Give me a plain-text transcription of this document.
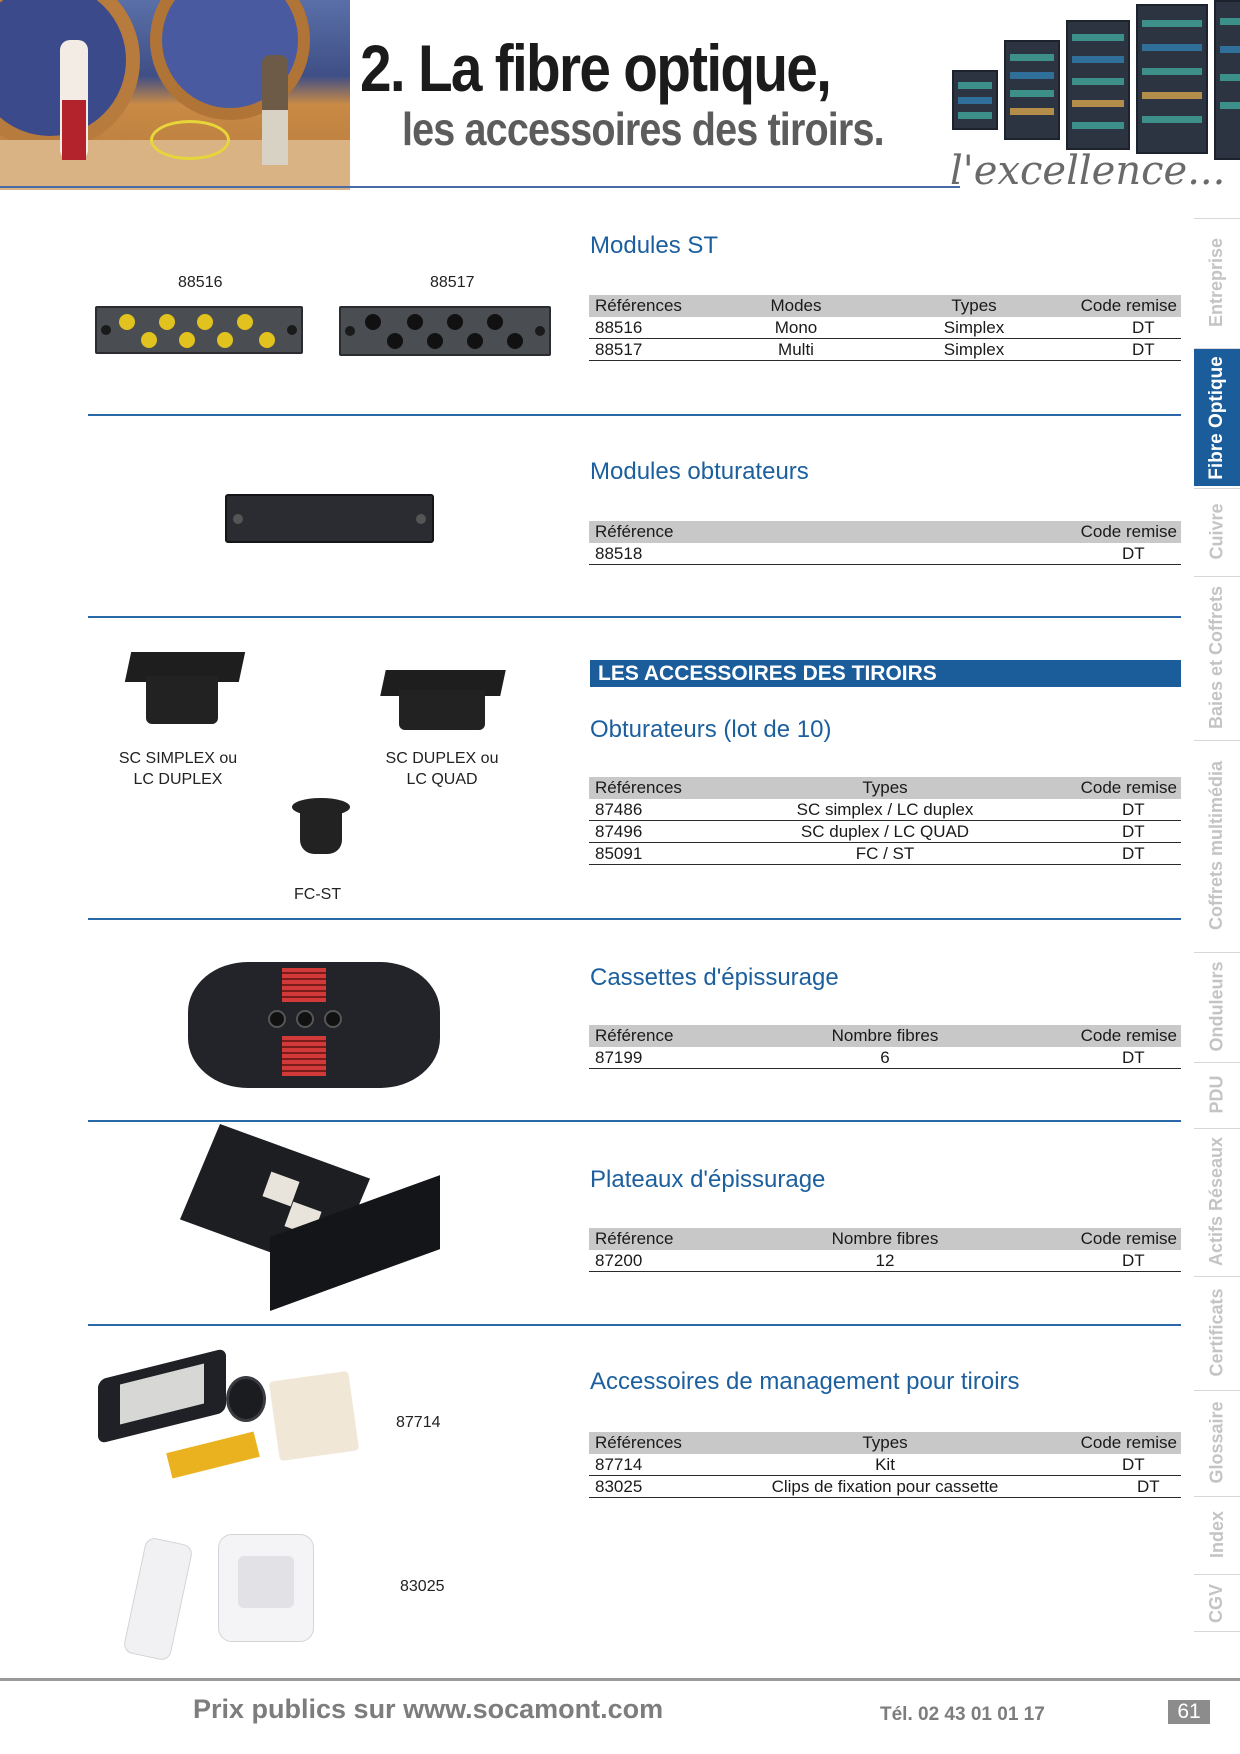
2. La fibre optique,
les accessoires des tiroirs.
l'excellence...
Entreprise
Fibre Optique
Cuivre
Baies et Coffrets
Coffrets multimédia
Onduleurs
PDU
Actifs Réseaux
Certificats
Glossaire
Index
CGV
88516	88517
Modules ST
Références	Modes	Types	Code remise
88516	Mono	Simplex	DT
88517	Multi	Simplex	DT
Modules obturateurs
Référence	Code remise
88518	DT
LES ACCESSOIRES DES TIROIRS
SC SIMPLEX ou
LC DUPLEX
SC DUPLEX ou
LC QUAD
FC-ST
Obturateurs (lot de 10)
Références	Types	Code remise
87486	SC simplex / LC duplex	DT
87496	SC duplex / LC QUAD	DT
85091	FC / ST	DT
Cassettes d'épissurage
Référence	Nombre fibres	Code remise
87199	6	DT
Plateaux d'épissurage
Référence	Nombre fibres	Code remise
87200	12	DT
87714
83025
Accessoires de management pour tiroirs
Références	Types	Code remise
87714	Kit	DT
83025	Clips de fixation pour cassette	DT
Prix publics sur www.socamont.com	Tél. 02 43 01 01 17	61
